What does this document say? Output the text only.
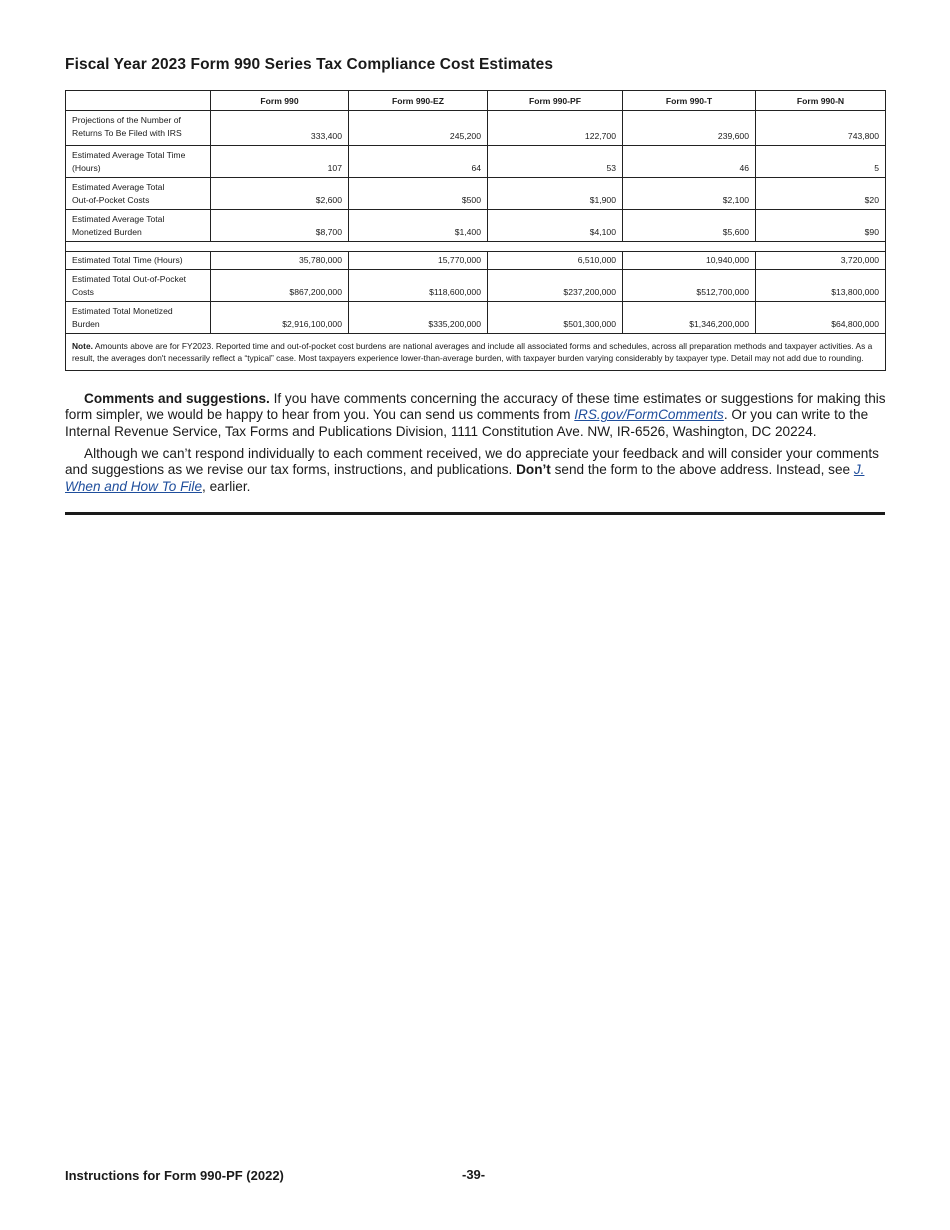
Fiscal Year 2023 Form 990 Series Tax Compliance Cost Estimates
	Form 990	Form 990-EZ	Form 990-PF	Form 990-T	Form 990-N
Projections of the Number of
Returns To Be Filed with IRS	333,400	245,200	122,700	239,600	743,800
Estimated Average Total Time
(Hours)	107	64	53	46	5
Estimated Average Total
Out-of-Pocket Costs	$2,600	$500	$1,900	$2,100	$20
Estimated Average Total
Monetized Burden	$8,700	$1,400	$4,100	$5,600	$90

Estimated Total Time (Hours)	35,780,000	15,770,000	6,510,000	10,940,000	3,720,000
Estimated Total Out-of-Pocket
Costs	$867,200,000	$118,600,000	$237,200,000	$512,700,000	$13,800,000
Estimated Total Monetized
Burden	$2,916,100,000	$335,200,000	$501,300,000	$1,346,200,000	$64,800,000
Note. Amounts above are for FY2023. Reported time and out-of-pocket cost burdens are national averages and include all associated forms and schedules, across all preparation methods and taxpayer activities. As a result, the averages don't necessarily reflect a “typical” case. Most taxpayers experience lower-than-average burden, with taxpayer burden varying considerably by taxpayer type. Detail may not add due to rounding.					
Comments and suggestions. If you have comments concerning the accuracy of these time estimates or suggestions for making this form simpler, we would be happy to hear from you. You can send us comments from IRS.gov/FormComments. Or you can write to the Internal Revenue Service, Tax Forms and Publications Division, 1111 Constitution Ave. NW, IR-6526, Washington, DC 20224.
Although we can’t respond individually to each comment received, we do appreciate your feedback and will consider your comments and suggestions as we revise our tax forms, instructions, and publications. Don’t send the form to the above address. Instead, see J. When and How To File, earlier.
Instructions for Form 990-PF (2022)	-39-
